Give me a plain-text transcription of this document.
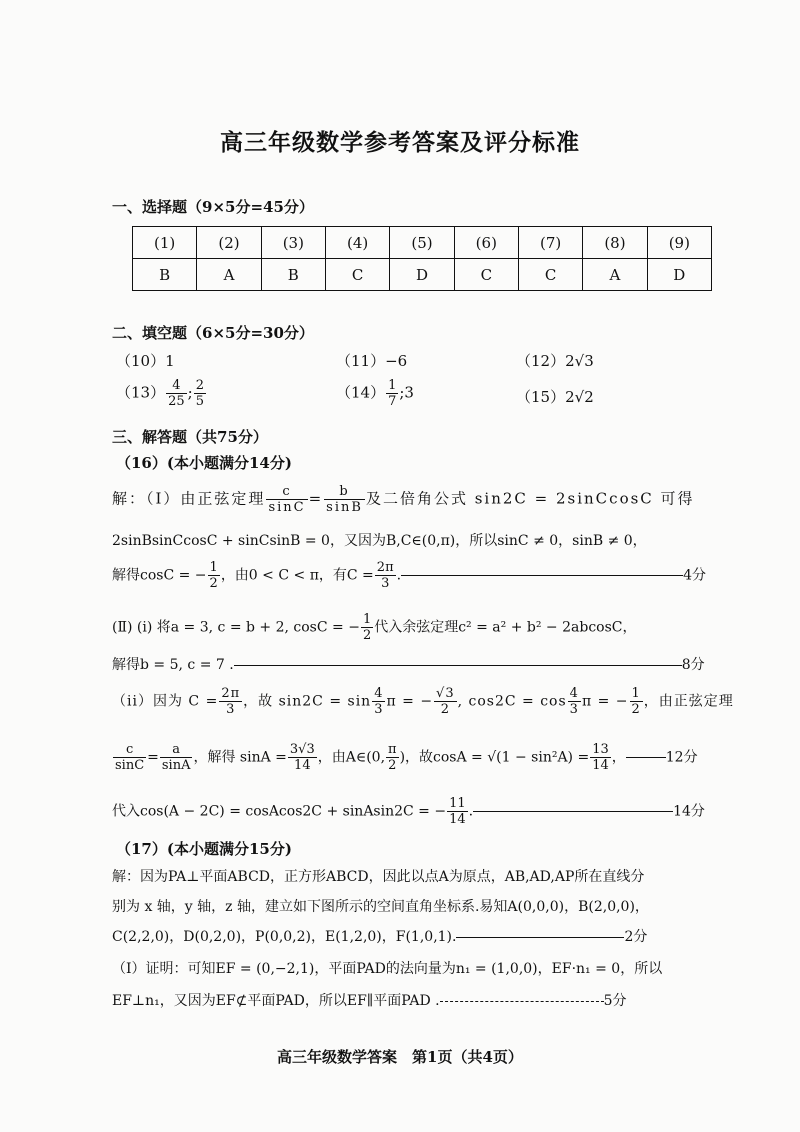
高三年级数学参考答案及评分标准
一、选择题（9×5分=45分）
(1)	(2)	(3)	(4)	(5)	(6)	(7)	(8)	(9)
B	A	B	C	D	C	C	A	D
二、填空题（6×5分=30分）
（10）1	（11）−6	（12）2√3
$(13) \frac{4}{25}$ ; $\frac{2}{5}$	$(14) \frac{1}{7}$ ;3	（15）2√2
三、解答题（共75分）
（16）(本小题满分14分)
解：（Ⅰ）由正弦定理 $\frac{c}{\sin C} = \frac{b}{\sin B}$ 及二倍角公式 sin2C = 2sinCcosC 可得
2sinBsinCcosC + sinCsinB = 0，又因为B,C∈(0,π)，所以sinC ≠ 0，sinB ≠ 0，
解得cosC = − $\frac{1}{2}$ ，由0 < C < π，有$C = \frac{2\pi}{3}$ .	4分
(Ⅱ) (i) 将a = 3, c = b + 2, cosC = − $\frac{1}{2}$ 代入余弦定理c² = a² + b² − 2abcosC，
解得b = 5, c = 7 .	8分
（ii）因为 $C = \frac{2\pi}{3}$ ，故 $\sin 2C = \sin \frac{4}{3}$ π = − $\frac{√3}{2}$ , $\cos 2C = \cos \frac{4}{3}$ π = − $\frac{1}{2}$ ，由正弦定理
$\frac{c}{\sin C} = \frac{a}{\sin A}$ ，解得 $\sin A = \frac{3√3}{14}$ ，由A∈(0, $\frac{\pi}{2}$ )，故$\cos A = √(1 - \sin^2A) = \frac{13}{14}$ ，	12分
代入cos(A − 2C) = cosAcos2C + sinAsin2C = − $\frac{11}{14}$ .	14分
（17）(本小题满分15分)
解：因为PA⊥平面ABCD，正方形ABCD，因此以点A为原点，AB,AD,AP所在直线分
别为 x 轴，y 轴，z 轴，建立如下图所示的空间直角坐标系.易知A(0,0,0)，B(2,0,0)，
C(2,2,0)，D(0,2,0)，P(0,0,2)，E(1,2,0)，F(1,0,1).	2分
（Ⅰ）证明：可知EF = (0,−2,1)，平面PAD的法向量为n₁ = (1,0,0)，EF·n₁ = 0，所以
EF⊥n₁，又因为EF⊄平面PAD，所以EF∥平面PAD .	5分
高三年级数学答案　第1页（共4页）
